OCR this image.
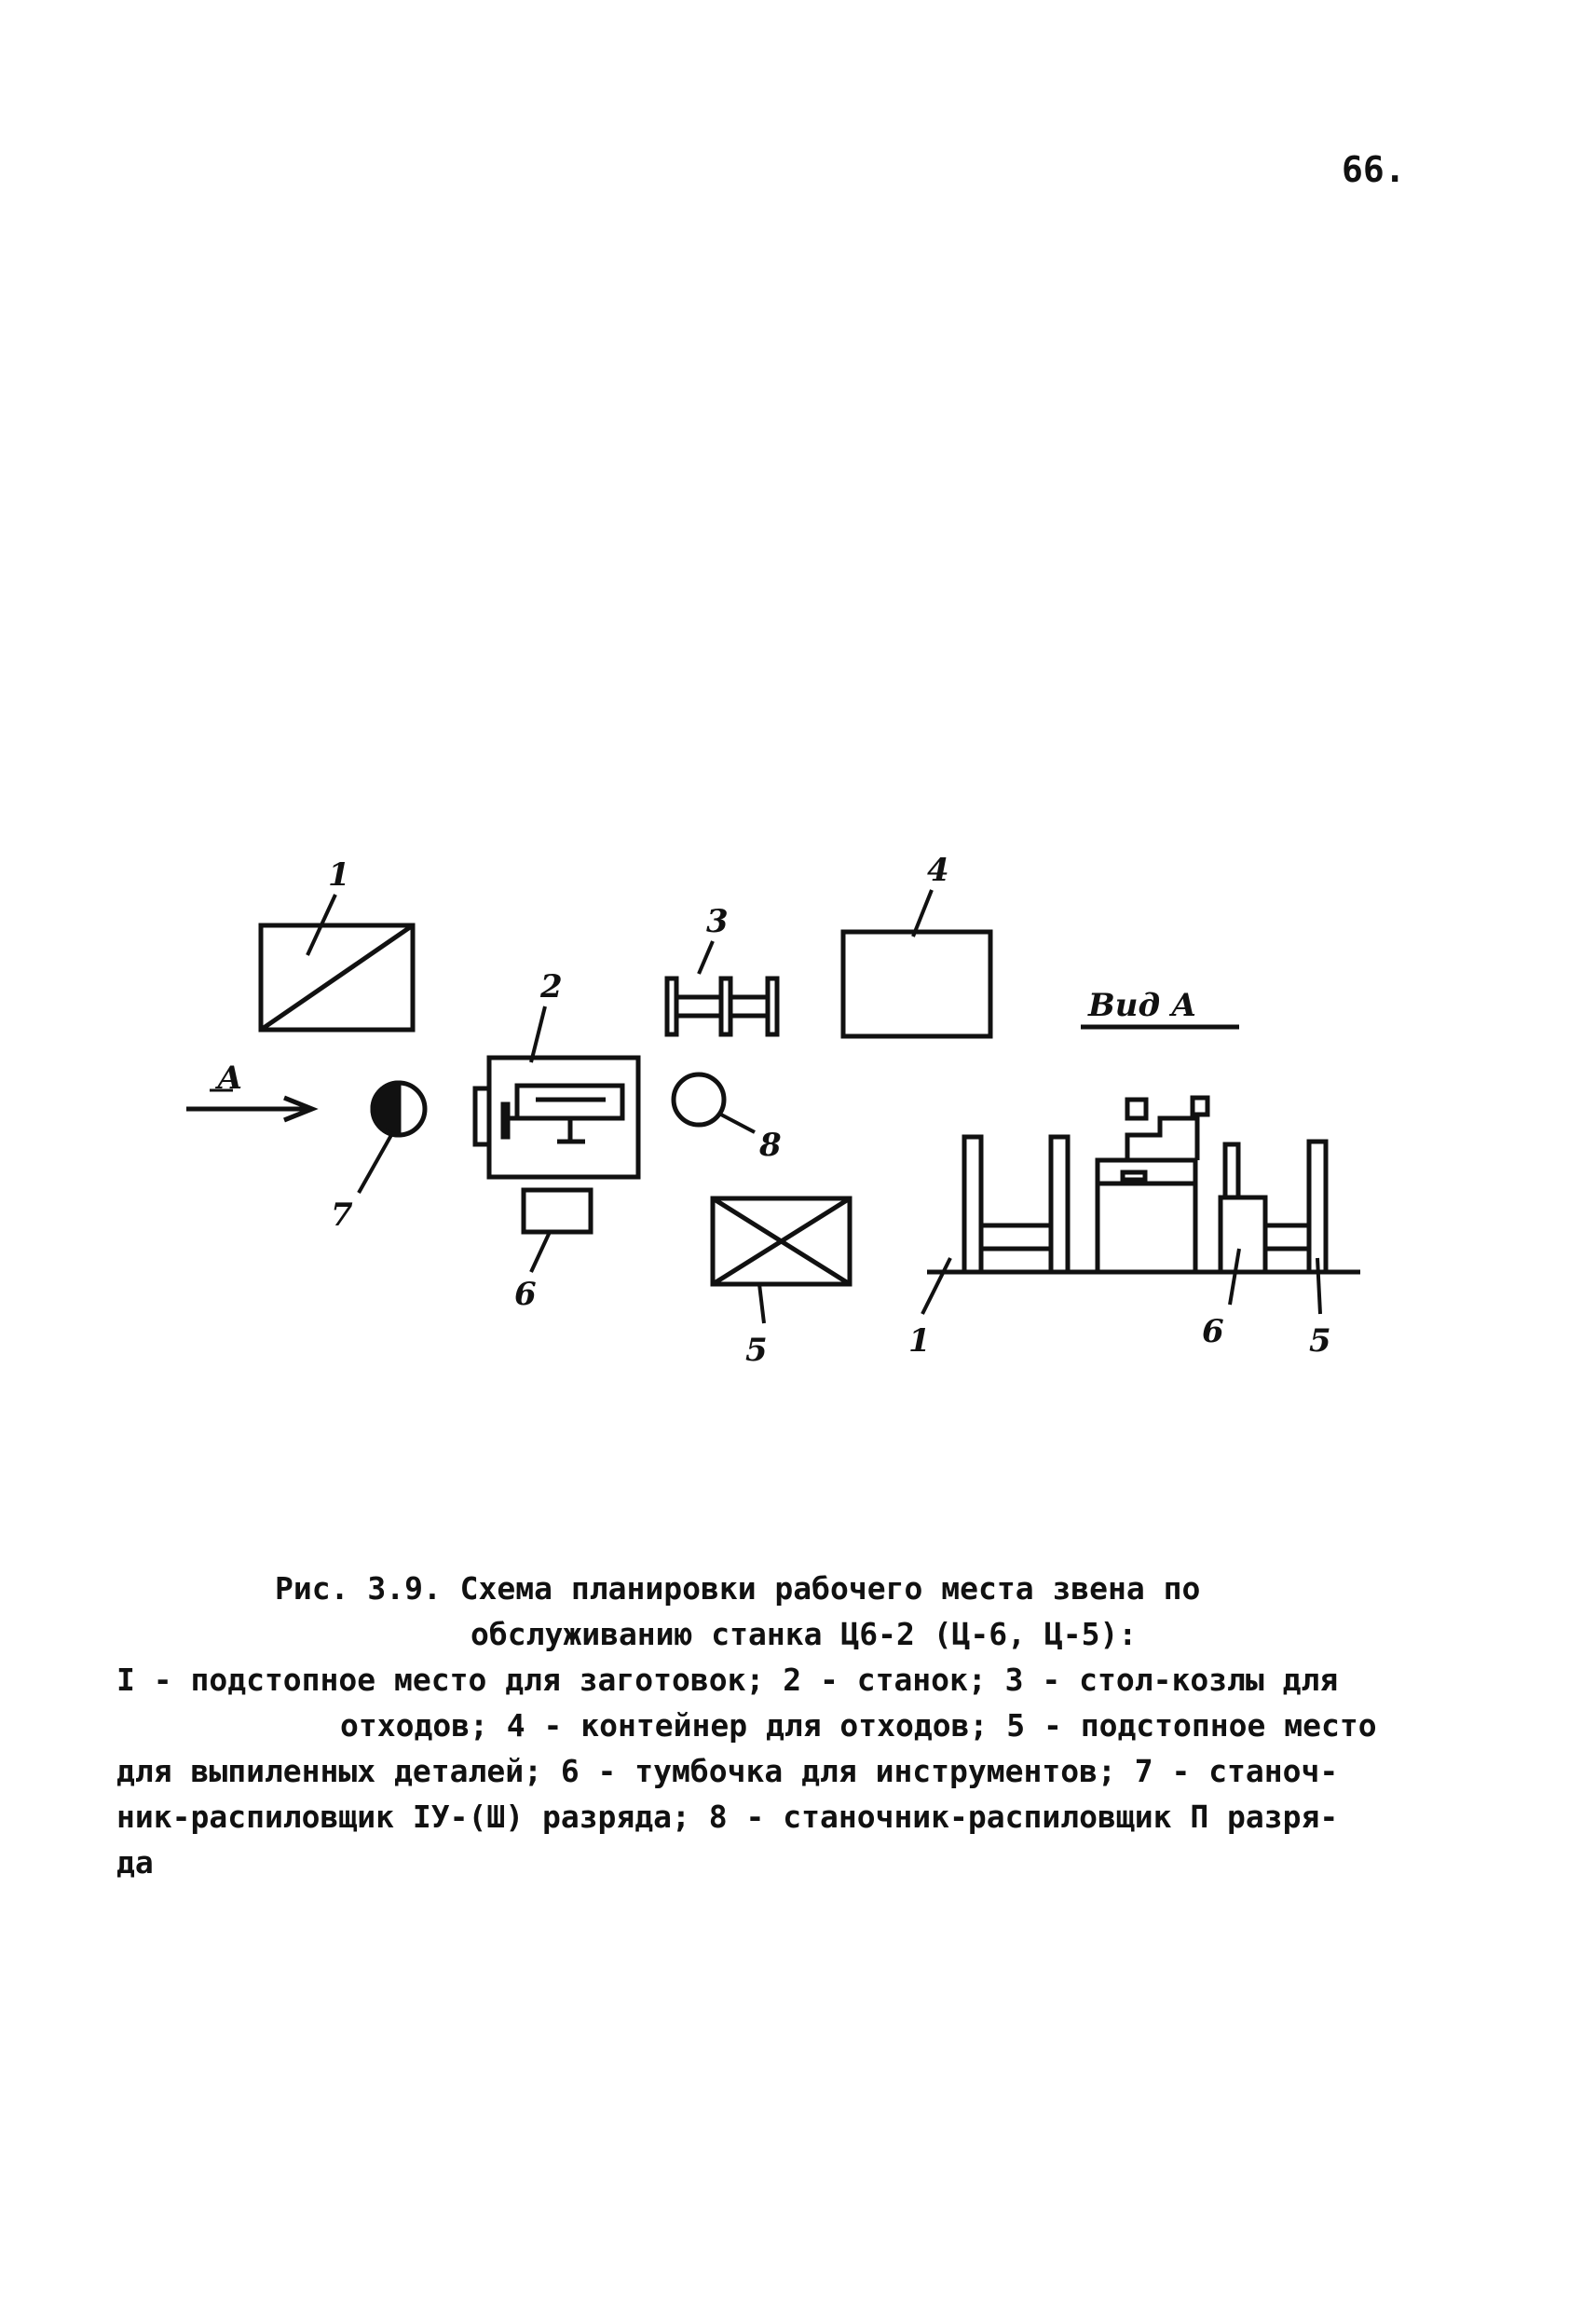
66.
1
2
3
4
5
6
7
8
А
Вид А
1	6	5
Рис. 3.9. Схема планировки рабочего места звена по
обслуживанию станка Ц6-2 (Ц-6, Ц-5):
I - подстопное место для заготовок; 2 - станок; 3 - стол-козлы для
отходов; 4 - контейнер для отходов; 5 - подстопное место
для выпиленных деталей; 6 - тумбочка для инструментов; 7 - станоч-
ник-распиловщик IУ-(Ш) разряда; 8 - станочник-распиловщик П разря-
да
